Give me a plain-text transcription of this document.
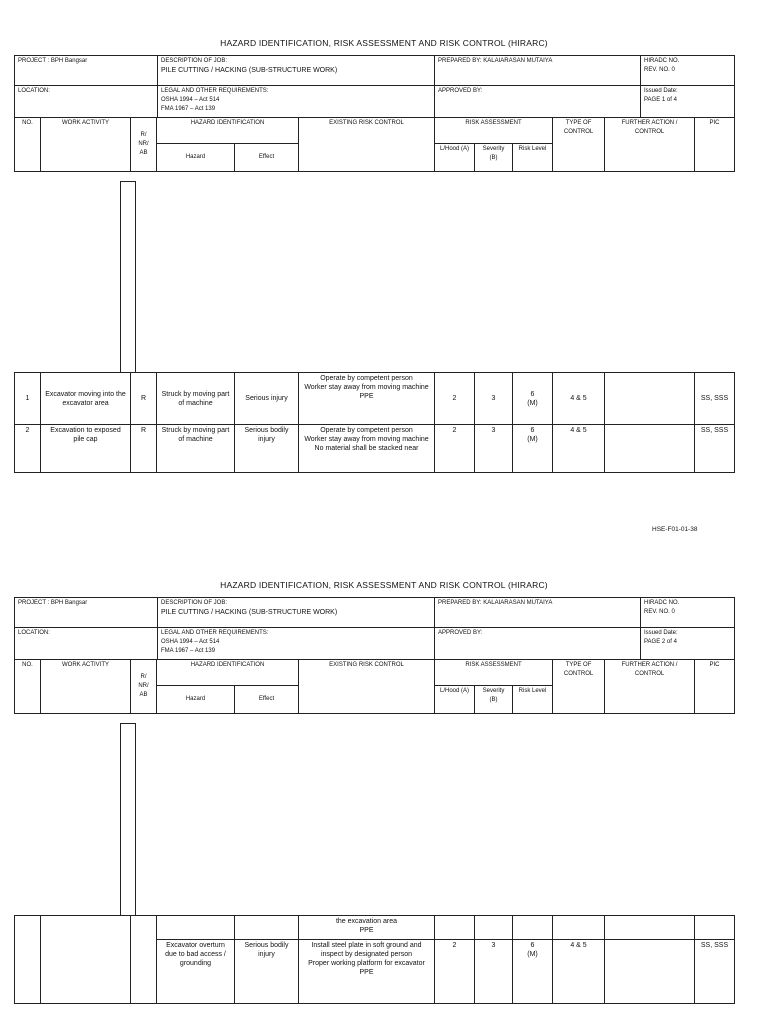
HAZARD IDENTIFICATION, RISK ASSESSMENT AND RISK CONTROL (HIRARC)
PROJECT : BPH Bangsar	DESCRIPTION OF JOB:
PILE CUTTING / HACKING (SUB-STRUCTURE WORK)	PREPARED BY: KALAIARASAN MUTAIYA	HIRADC NO.
REV. NO. 0

LOCATION:	LEGAL AND OTHER REQUIREMENTS:
OSHA 1994 – Act 514
FMA 1967 – Act 139	APPROVED BY:	Issued Date:
PAGE 1 of 4
NO.	WORK ACTIVITY	R/
NR/
AB	HAZARD IDENTIFICATION		EXISTING RISK CONTROL	RISK ASSESSMENT			TYPE OF CONTROL	FURTHER ACTION / CONTROL	PIC
			Hazard	Effect		L/Hood (A)	Severity (B)	Risk Level			
1	Excavator moving into the excavator area	R	Struck by moving part of machine	Serious injury	Operate by competent person
Worker stay away from moving machine
PPE	2	3	6
(M)	4 & 5		SS, SSS
2	Excavation to exposed pile cap	R	Struck by moving part of machine	Serious bodily injury	Operate by competent person
Worker stay away from moving machine
No material shall be stacked near	2	3	6
(M)	4 & 5		SS, SSS
HSE-F01-01-38
HAZARD IDENTIFICATION, RISK ASSESSMENT AND RISK CONTROL (HIRARC)
PROJECT : BPH Bangsar	DESCRIPTION OF JOB:
PILE CUTTING / HACKING (SUB-STRUCTURE WORK)	PREPARED BY: KALAIARASAN MUTAIYA	HIRADC NO.
REV. NO. 0

LOCATION:	LEGAL AND OTHER REQUIREMENTS:
OSHA 1994 – Act 514
FMA 1967 – Act 139	APPROVED BY:	Issued Date:
PAGE 2 of 4
NO.	WORK ACTIVITY	R/
NR/
AB	HAZARD IDENTIFICATION		EXISTING RISK CONTROL	RISK ASSESSMENT			TYPE OF CONTROL	FURTHER ACTION / CONTROL	PIC
			Hazard	Effect		L/Hood (A)	Severity (B)	Risk Level			

					the excavation area
PPE						

			Excavator overturn due to bad access / grounding	Serious bodily injury	Install steel plate in soft ground and inspect by designated person
Proper working platform for excavator
PPE	2	3	6
(M)	4 & 5		SS, SSS
